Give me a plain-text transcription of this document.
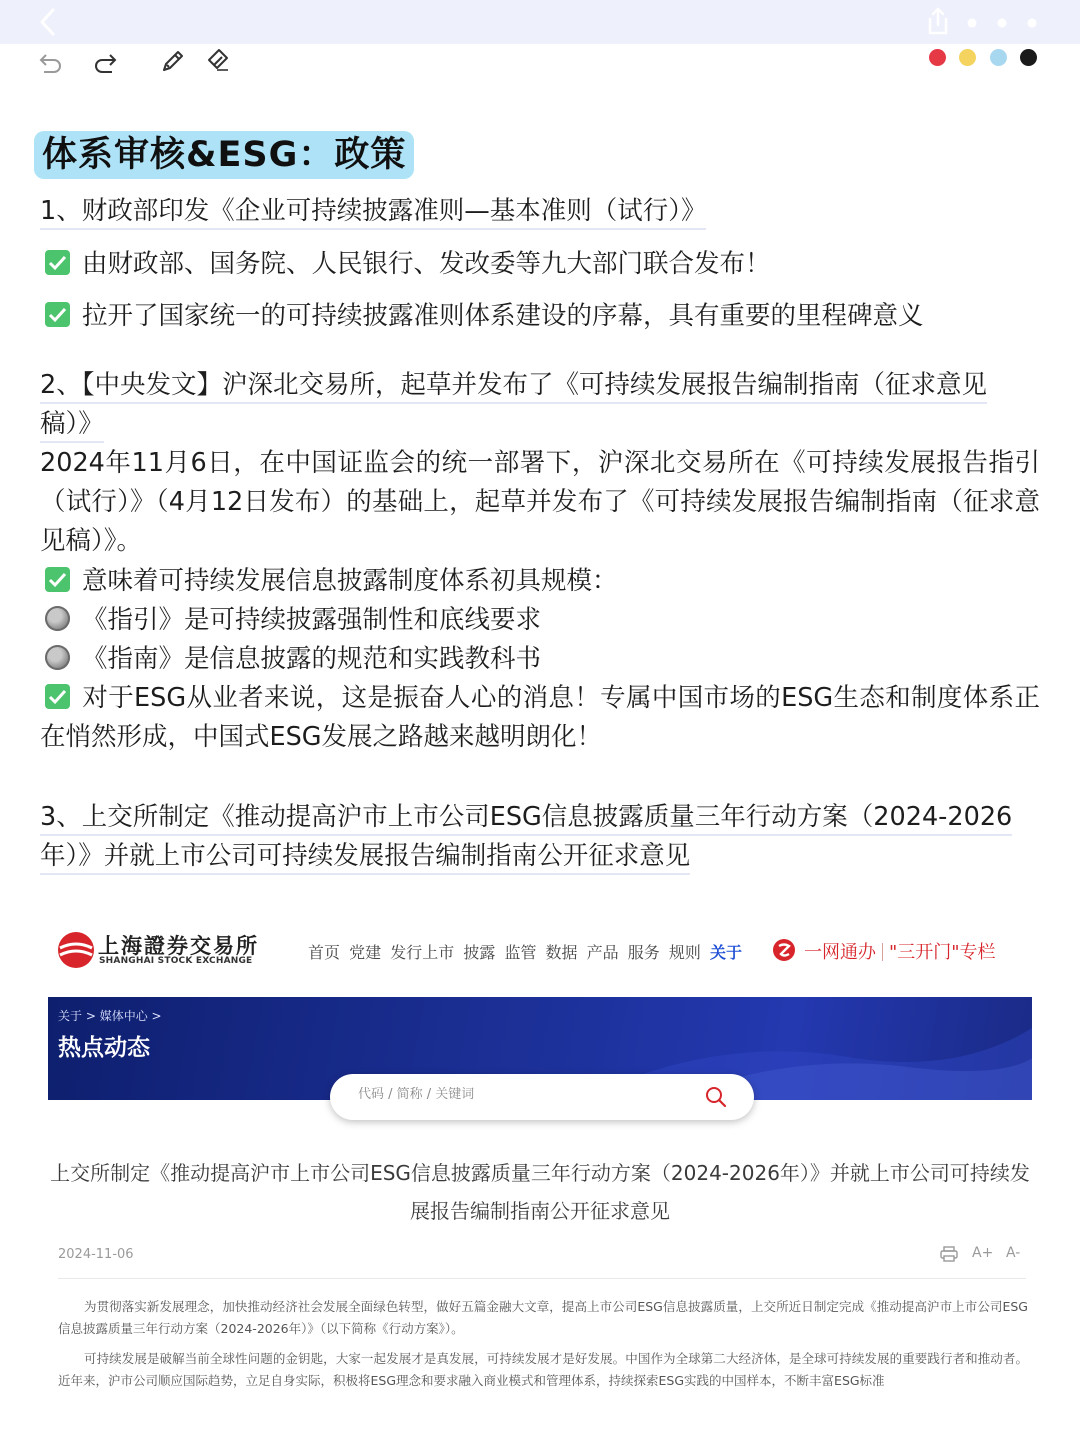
体系审核&ESG：政策
1、财政部印发《企业可持续披露准则—基本准则（试行）》
由财政部、国务院、人民银行、发改委等九大部门联合发布！
拉开了国家统一的可持续披露准则体系建设的序幕，具有重要的里程碑意义
2、【中央发文】沪深北交易所，起草并发布了《可持续发展报告编制指南（征求意见
稿）》
2024年11月6日，在中国证监会的统一部署下，沪深北交易所在《可持续发展报告指引（试行）》（4月12日发布）的基础上，起草并发布了《可持续发展报告编制指南（征求意见稿）》。
意味着可持续发展信息披露制度体系初具规模：
《指引》是可持续披露强制性和底线要求
《指南》是信息披露的规范和实践教科书
对于ESG从业者来说，这是振奋人心的消息！专属中国市场的ESG生态和制度体系正在悄然形成，中国式ESG发展之路越来越明朗化！
3、上交所制定《推动提高沪市上市公司ESG信息披露质量三年行动方案（2024-2026
年）》并就上市公司可持续发展报告编制指南公开征求意见
上海證券交易所
SHANGHAI STOCK EXCHANGE	首页 党建 发行上市 披露 监管 数据 产品 服务 规则 关于	一网通办 "三开门"专栏
关于 > 媒体中心 >
热点动态
代码 / 简称 / 关键词
上交所制定《推动提高沪市上市公司ESG信息披露质量三年行动方案（2024-2026年）》并就上市公司可持续发展报告编制指南公开征求意见
2024-11-06	A+ A-
为贯彻落实新发展理念，加快推动经济社会发展全面绿色转型，做好五篇金融大文章，提高上市公司ESG信息披露质量，上交所近日制定完成《推动提高沪市上市公司ESG信息披露质量三年行动方案（2024-2026年）》（以下简称《行动方案》）。
可持续发展是破解当前全球性问题的金钥匙，大家一起发展才是真发展，可持续发展才是好发展。中国作为全球第二大经济体，是全球可持续发展的重要践行者和推动者。近年来，沪市公司顺应国际趋势，立足自身实际，积极将ESG理念和要求融入商业模式和管理体系，持续探索ESG实践的中国样本，不断丰富ESG标准
